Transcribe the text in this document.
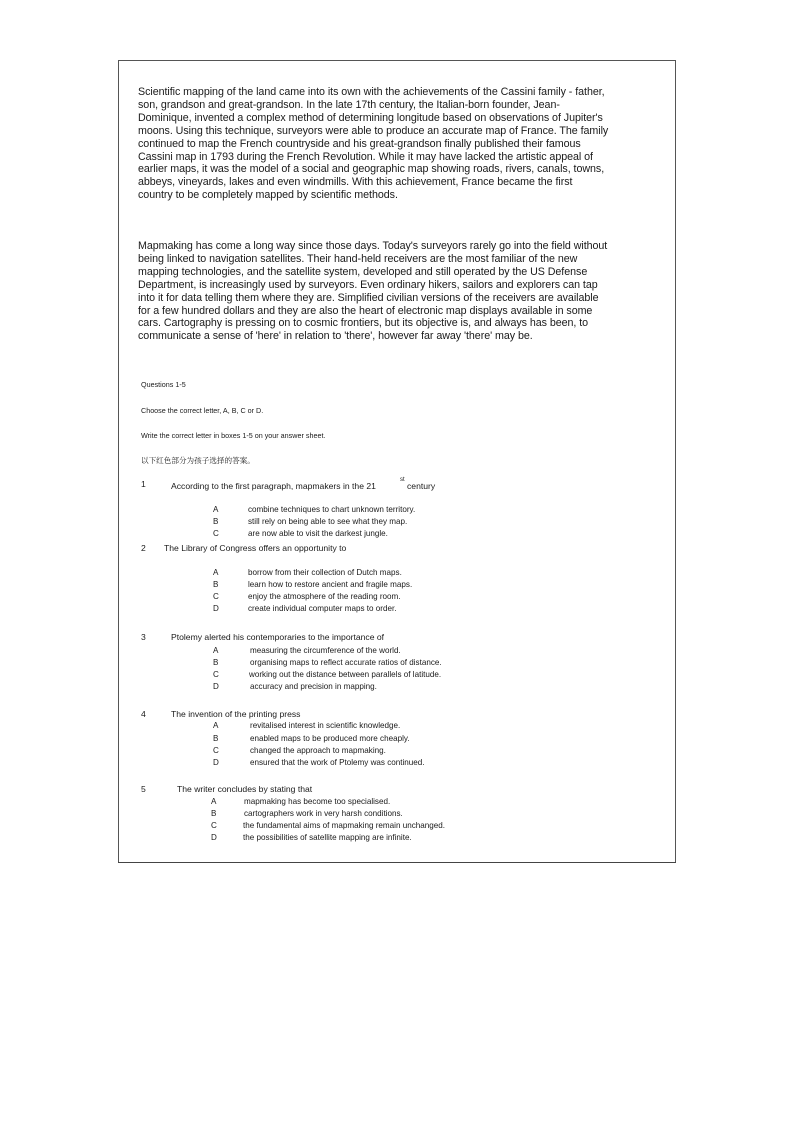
Scientific mapping of the land came into its own with the achievements of the Cassini family - father, son, grandson and great-grandson. In the late 17th century, the Italian-born founder, Jean-Dominique, invented a complex method of determining longitude based on observations of Jupiter's moons. Using this technique, surveyors were able to produce an accurate map of France. The family continued to map the French countryside and his great-grandson finally published their famous Cassini map in 1793 during the French Revolution. While it may have lacked the artistic appeal of earlier maps, it was the model of a social and geographic map showing roads, rivers, canals, towns, abbeys, vineyards, lakes and even windmills. With this achievement, France became the first country to be completely mapped by scientific methods.

Mapmaking has come a long way since those days. Today's surveyors rarely go into the field without being linked to navigation satellites. Their hand-held receivers are the most familiar of the new mapping technologies, and the satellite system, developed and still operated by the US Defense Department, is increasingly used by surveyors. Even ordinary hikers, sailors and explorers can tap into it for data telling them where they are. Simplified civilian versions of the receivers are available for a few hundred dollars and they are also the heart of electronic map displays available in some cars. Cartography is pressing on to cosmic frontiers, but its objective is, and always has been, to communicate a sense of 'here' in relation to 'there', however far away 'there' may be.

Questions 1-5

Choose the correct letter, A, B, C or D.

Write the correct letter in boxes 1-5 on your answer sheet.

以下红色部分为孩子选择的答案。

1	According to the first paragraph, mapmakers in the 21st century

A	combine techniques to chart unknown territory.
B	still rely on being able to see what they map.
C	are now able to visit the darkest jungle.
2 The Library of Congress offers an opportunity to

A	borrow from their collection of Dutch maps.
B	learn how to restore ancient and fragile maps.
C	enjoy the atmosphere of the reading room.
D	create individual computer maps to order.
3	Ptolemy alerted his contemporaries to the importance of

A	measuring the circumference of the world.
B	organising maps to reflect accurate ratios of distance.
C	working out the distance between parallels of latitude.
D	accuracy and precision in mapping.
4	The invention of the printing press

A	revitalised interest in scientific knowledge.
B	enabled maps to be produced more cheaply.
C	changed the approach to mapmaking.
D	ensured that the work of Ptolemy was continued.
5	The writer concludes by stating that

A	mapmaking has become too specialised.
B	cartographers work in very harsh conditions.
C	the fundamental aims of mapmaking remain unchanged.
D	the possibilities of satellite mapping are infinite.
